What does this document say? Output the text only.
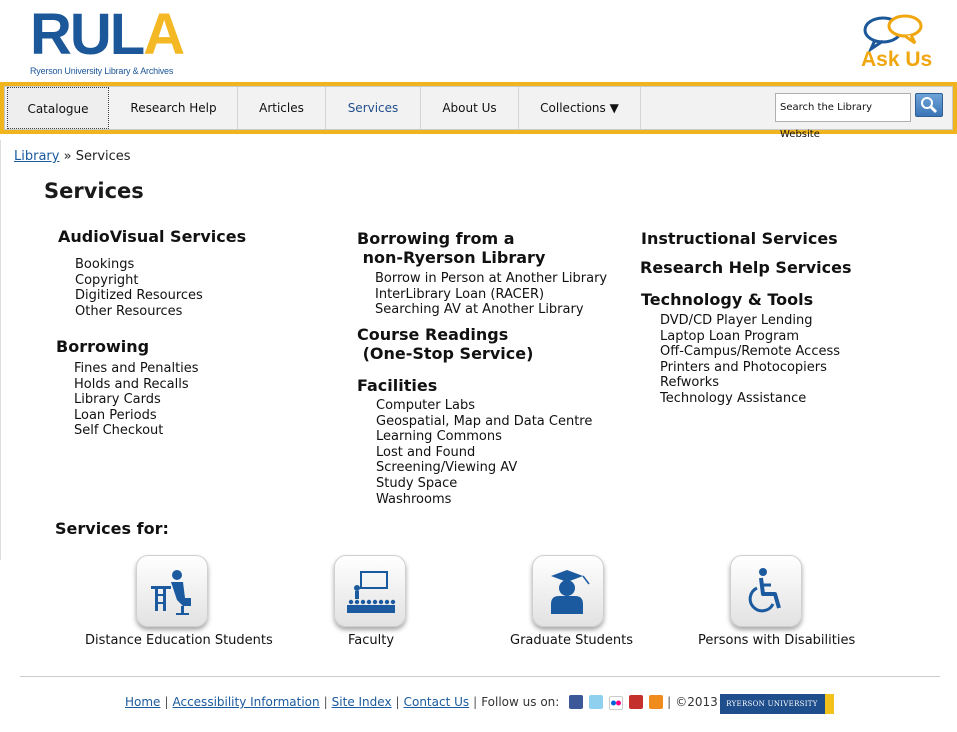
RULA
Ryerson University Library & Archives	Ask Us
Catalogue	Research Help	Articles	Services	About Us	Collections ▼	Search the Library Website
Library » Services
Services
AudioVisual Services
Bookings
Copyright
Digitized Resources
Other Resources
Borrowing
Fines and Penalties
Holds and Recalls
Library Cards
Loan Periods
Self Checkout
Borrowing from a
non-Ryerson Library
Borrow in Person at Another Library
InterLibrary Loan (RACER)
Searching AV at Another Library
Course Readings
(One-Stop Service)
Facilities
Computer Labs
Geospatial, Map and Data Centre
Learning Commons
Lost and Found
Screening/Viewing AV
Study Space
Washrooms
Instructional Services
Research Help Services
Technology & Tools
DVD/CD Player Lending
Laptop Loan Program
Off-Campus/Remote Access
Printers and Photocopiers
Refworks
Technology Assistance
Services for:
Distance Education Students	Faculty	Graduate Students	Persons with Disabilities
Home | Accessibility Information | Site Index | Contact Us | Follow us on:	| ©2013	RYERSON UNIVERSITY
